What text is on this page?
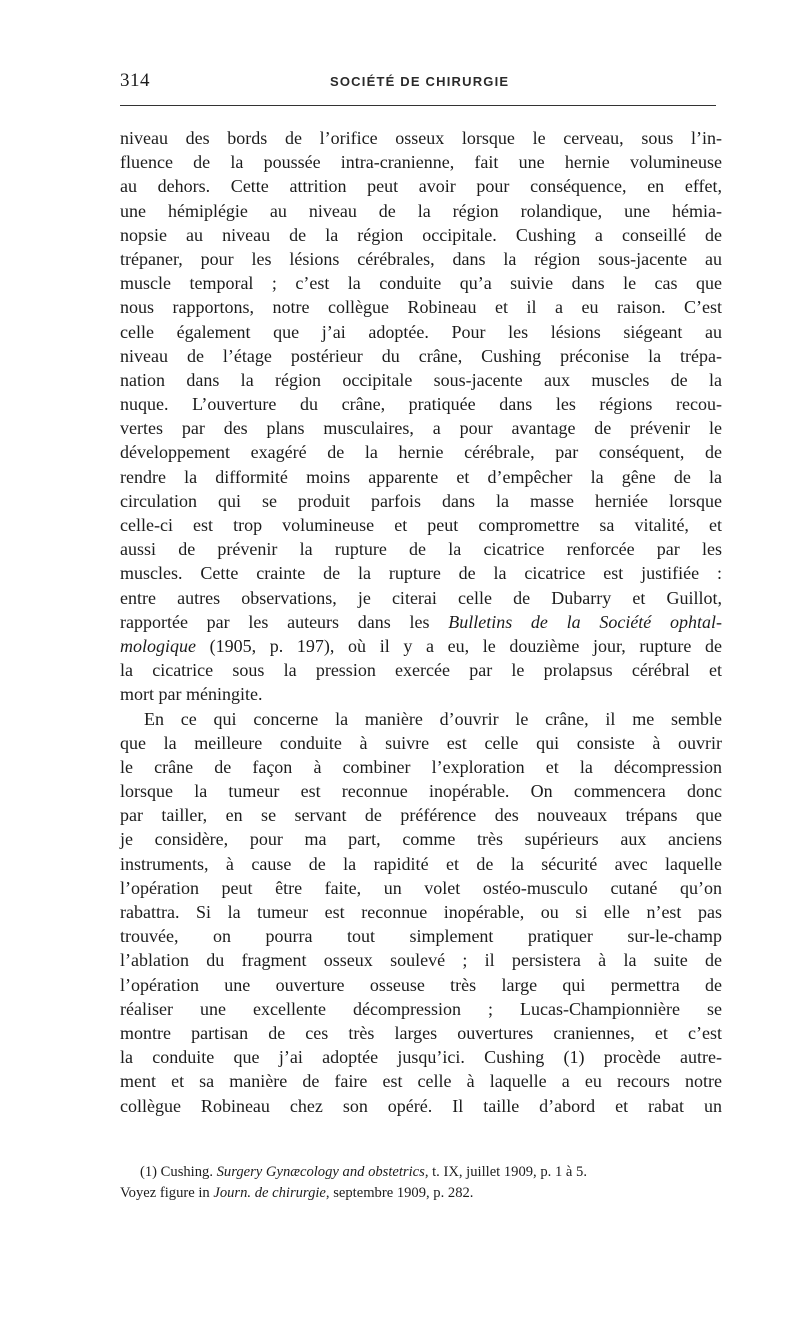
314	SOCIÉTÉ DE CHIRURGIE
niveau des bords de l’orifice osseux lorsque le cerveau, sous l’in-
fluence de la poussée intra-cranienne, fait une hernie volumineuse
au dehors. Cette attrition peut avoir pour conséquence, en effet,
une hémiplégie au niveau de la région rolandique, une hémia-
nopsie au niveau de la région occipitale. Cushing a conseillé de
trépaner, pour les lésions cérébrales, dans la région sous-jacente au
muscle temporal ; c’est la conduite qu’a suivie dans le cas que
nous rapportons, notre collègue Robineau et il a eu raison. C’est
celle également que j’ai adoptée. Pour les lésions siégeant au
niveau de l’étage postérieur du crâne, Cushing préconise la trépa-
nation dans la région occipitale sous-jacente aux muscles de la
nuque. L’ouverture du crâne, pratiquée dans les régions recou-
vertes par des plans musculaires, a pour avantage de prévenir le
développement exagéré de la hernie cérébrale, par conséquent, de
rendre la difformité moins apparente et d’empêcher la gêne de la
circulation qui se produit parfois dans la masse herniée lorsque
celle-ci est trop volumineuse et peut compromettre sa vitalité, et
aussi de prévenir la rupture de la cicatrice renforcée par les
muscles. Cette crainte de la rupture de la cicatrice est justifiée :
entre autres observations, je citerai celle de Dubarry et Guillot,
rapportée par les auteurs dans les Bulletins de la Société ophtal-
mologique (1905, p. 197), où il y a eu, le douzième jour, rupture de
la cicatrice sous la pression exercée par le prolapsus cérébral et
mort par méningite.
En ce qui concerne la manière d’ouvrir le crâne, il me semble
que la meilleure conduite à suivre est celle qui consiste à ouvrir
le crâne de façon à combiner l’exploration et la décompression
lorsque la tumeur est reconnue inopérable. On commencera donc
par tailler, en se servant de préférence des nouveaux trépans que
je considère, pour ma part, comme très supérieurs aux anciens
instruments, à cause de la rapidité et de la sécurité avec laquelle
l’opération peut être faite, un volet ostéo-musculo cutané qu’on
rabattra. Si la tumeur est reconnue inopérable, ou si elle n’est pas
trouvée, on pourra tout simplement pratiquer sur-le-champ
l’ablation du fragment osseux soulevé ; il persistera à la suite de
l’opération une ouverture osseuse très large qui permettra de
réaliser une excellente décompression ; Lucas-Championnière se
montre partisan de ces très larges ouvertures craniennes, et c’est
la conduite que j’ai adoptée jusqu’ici. Cushing (1) procède autre-
ment et sa manière de faire est celle à laquelle a eu recours notre
collègue Robineau chez son opéré. Il taille d’abord et rabat un
(1) Cushing. Surgery Gynæcology and obstetrics, t. IX, juillet 1909, p. 1 à 5.
Voyez figure in Journ. de chirurgie, septembre 1909, p. 282.
